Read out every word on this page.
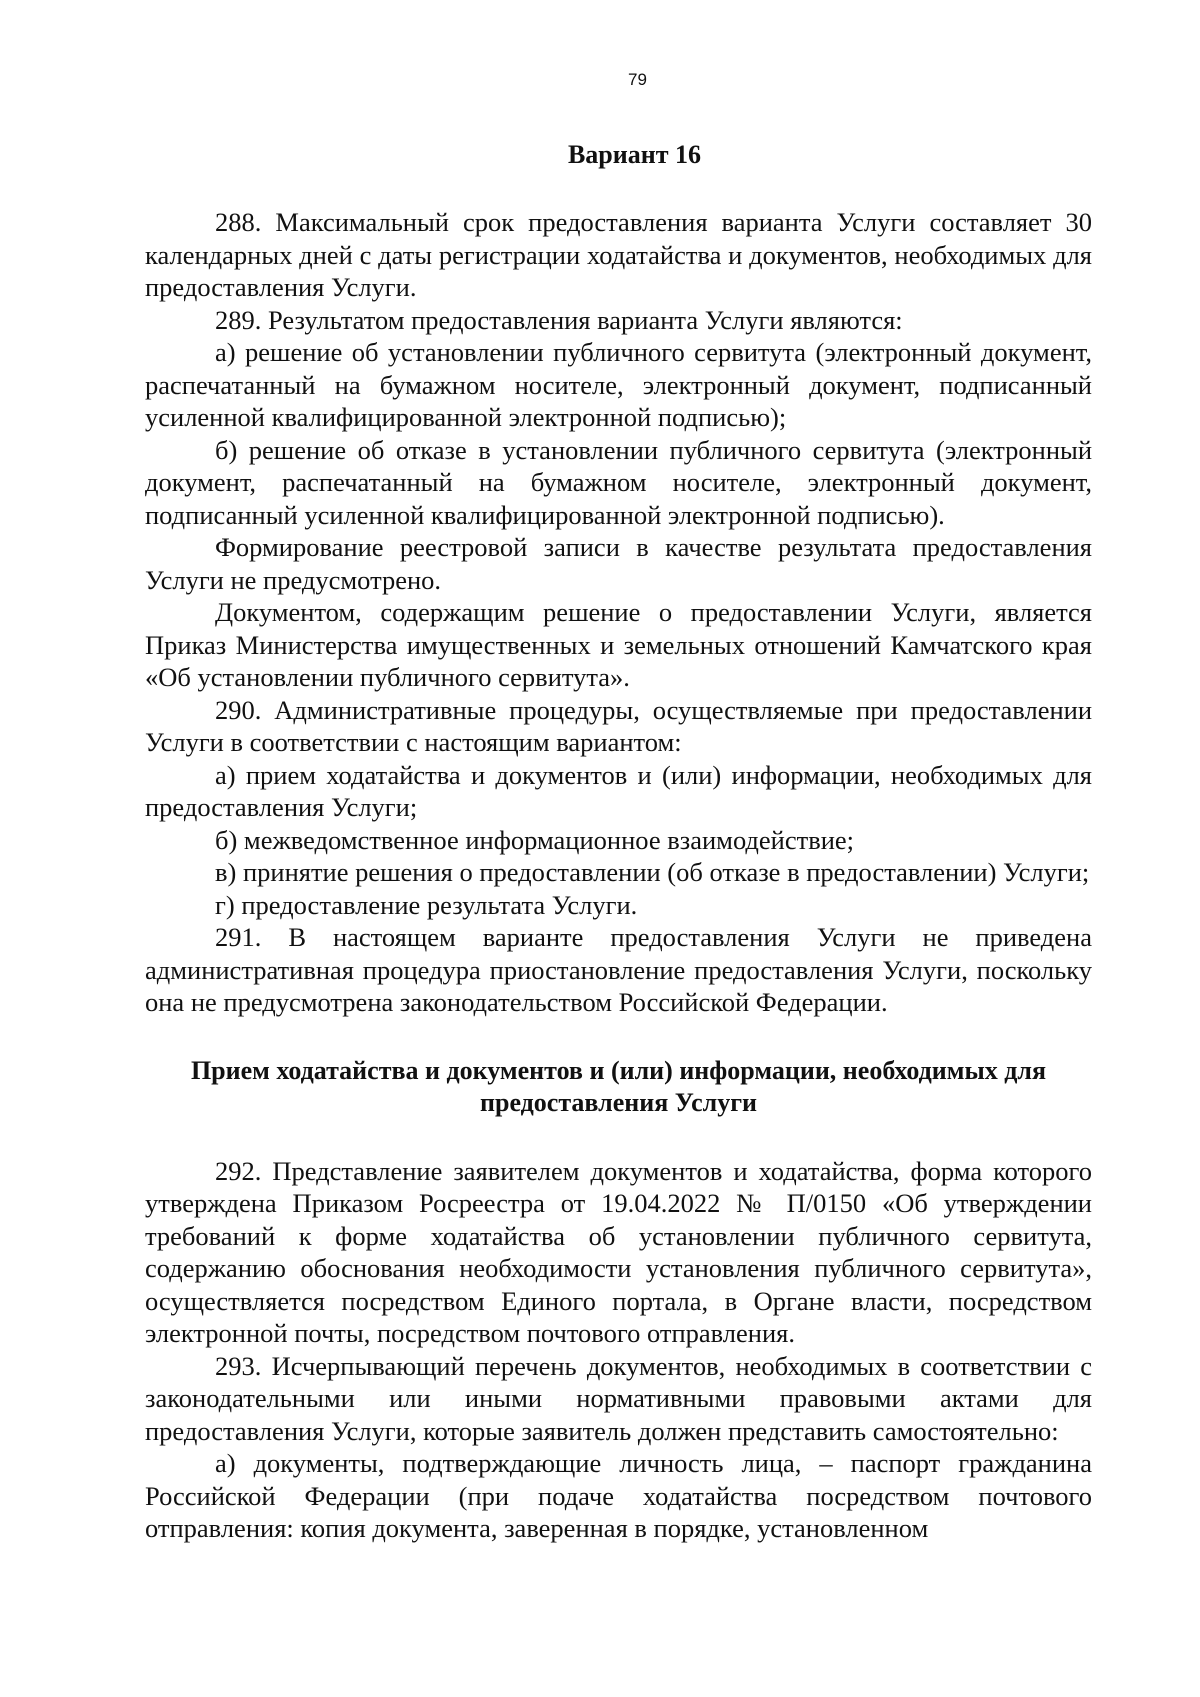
79
Вариант 16

288. Максимальный срок предоставления варианта Услуги составляет 30 календарных дней с даты регистрации ходатайства и документов, необходимых для предоставления Услуги.

289. Результатом предоставления варианта Услуги являются:

а) решение об установлении публичного сервитута (электронный документ, распечатанный на бумажном носителе, электронный документ, подписанный усиленной квалифицированной электронной подписью);

б) решение об отказе в установлении публичного сервитута (электронный документ, распечатанный на бумажном носителе, электронный документ, подписанный усиленной квалифицированной электронной подписью).

Формирование реестровой записи в качестве результата предоставления Услуги не предусмотрено.

Документом, содержащим решение о предоставлении Услуги, является Приказ Министерства имущественных и земельных отношений Камчатского края «Об установлении публичного сервитута».

290. Административные процедуры, осуществляемые при предоставлении Услуги в соответствии с настоящим вариантом:

а) прием ходатайства и документов и (или) информации, необходимых для предоставления Услуги;

б) межведомственное информационное взаимодействие;

в) принятие решения о предоставлении (об отказе в предоставлении) Услуги;

г) предоставление результата Услуги.

291. В настоящем варианте предоставления Услуги не приведена административная процедура приостановление предоставления Услуги, поскольку она не предусмотрена законодательством Российской Федерации.

Прием ходатайства и документов и (или) информации, необходимых для предоставления Услуги

292. Представление заявителем документов и ходатайства, форма которого утверждена Приказом Росреестра от 19.04.2022 № П/0150 «Об утверждении требований к форме ходатайства об установлении публичного сервитута, содержанию обоснования необходимости установления публичного сервитута», осуществляется посредством Единого портала, в Органе власти, посредством электронной почты, посредством почтового отправления.

293. Исчерпывающий перечень документов, необходимых в соответствии с законодательными или иными нормативными правовыми актами для предоставления Услуги, которые заявитель должен представить самостоятельно:

а) документы, подтверждающие личность лица, – паспорт гражданина Российской Федерации (при подаче ходатайства посредством почтового отправления: копия документа, заверенная в порядке, установленном
